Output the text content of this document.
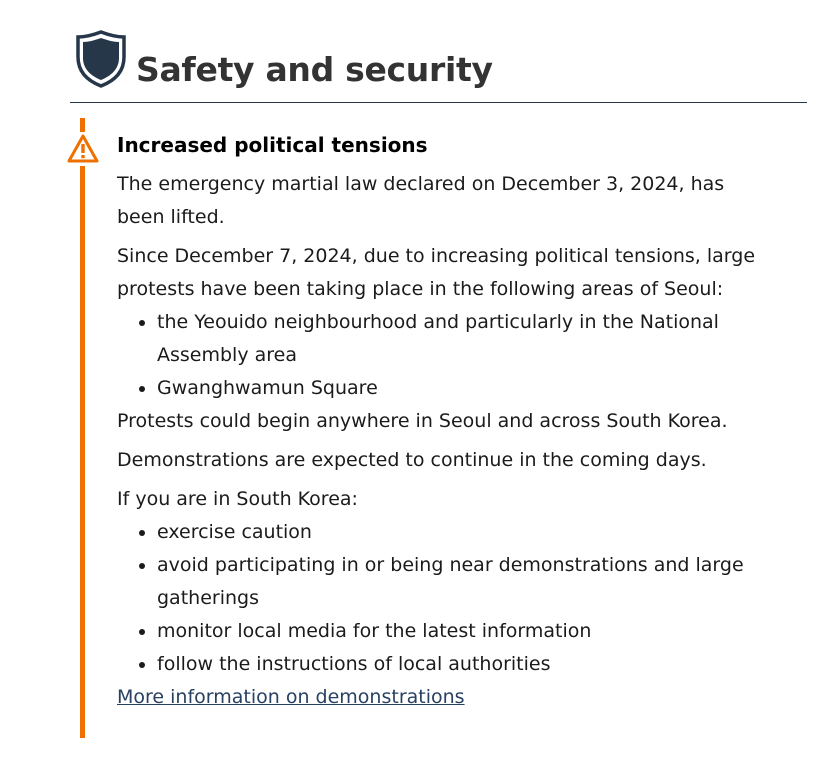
Safety and security
Increased political tensions

The emergency martial law declared on December 3, 2024, has been lifted.

Since December 7, 2024, due to increasing political tensions, large protests have been taking place in the following areas of Seoul:

• the Yeouido neighbourhood and particularly in the National Assembly area
• Gwanghwamun Square

Protests could begin anywhere in Seoul and across South Korea.

Demonstrations are expected to continue in the coming days.

If you are in South Korea:

• exercise caution
• avoid participating in or being near demonstrations and large gatherings
• monitor local media for the latest information
• follow the instructions of local authorities
More information on demonstrations
